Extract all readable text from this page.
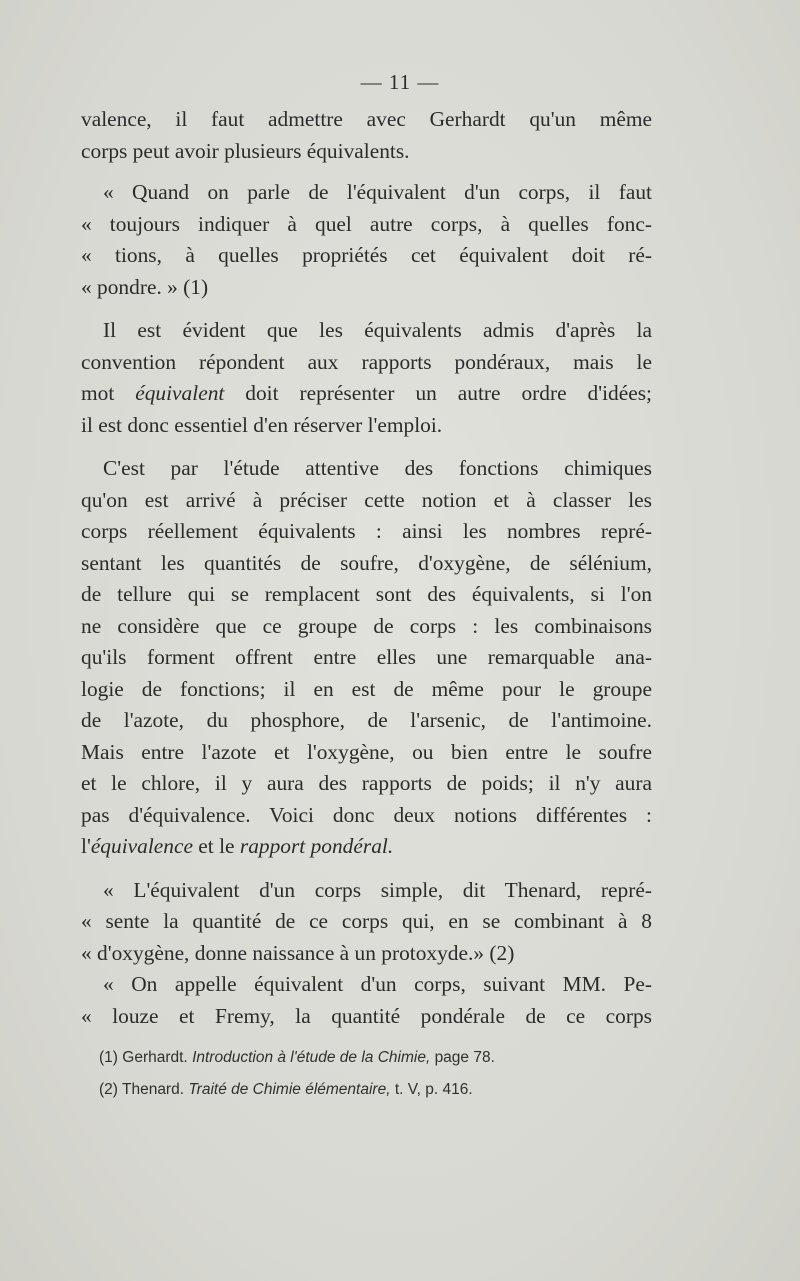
— 11 —
valence, il faut admettre avec Gerhardt qu'un même
corps peut avoir plusieurs équivalents.
« Quand on parle de l'équivalent d'un corps, il faut
« toujours indiquer à quel autre corps, à quelles fonc-
« tions, à quelles propriétés cet équivalent doit ré-
« pondre. » (1)
Il est évident que les équivalents admis d'après la
convention répondent aux rapports pondéraux, mais le
mot équivalent doit représenter un autre ordre d'idées;
il est donc essentiel d'en réserver l'emploi.
C'est par l'étude attentive des fonctions chimiques
qu'on est arrivé à préciser cette notion et à classer les
corps réellement équivalents : ainsi les nombres repré-
sentant les quantités de soufre, d'oxygène, de sélénium,
de tellure qui se remplacent sont des équivalents, si l'on
ne considère que ce groupe de corps : les combinaisons
qu'ils forment offrent entre elles une remarquable ana-
logie de fonctions; il en est de même pour le groupe
de l'azote, du phosphore, de l'arsenic, de l'antimoine.
Mais entre l'azote et l'oxygène, ou bien entre le soufre
et le chlore, il y aura des rapports de poids; il n'y aura
pas d'équivalence. Voici donc deux notions différentes :
l'équivalence et le rapport pondéral.
« L'équivalent d'un corps simple, dit Thenard, repré-
« sente la quantité de ce corps qui, en se combinant à 8
« d'oxygène, donne naissance à un protoxyde.» (2)
« On appelle équivalent d'un corps, suivant MM. Pe-
« louze et Fremy, la quantité pondérale de ce corps
(1) Gerhardt. Introduction à l'étude de la Chimie, page 78.
(2) Thenard. Traité de Chimie élémentaire, t. V, p. 416.
